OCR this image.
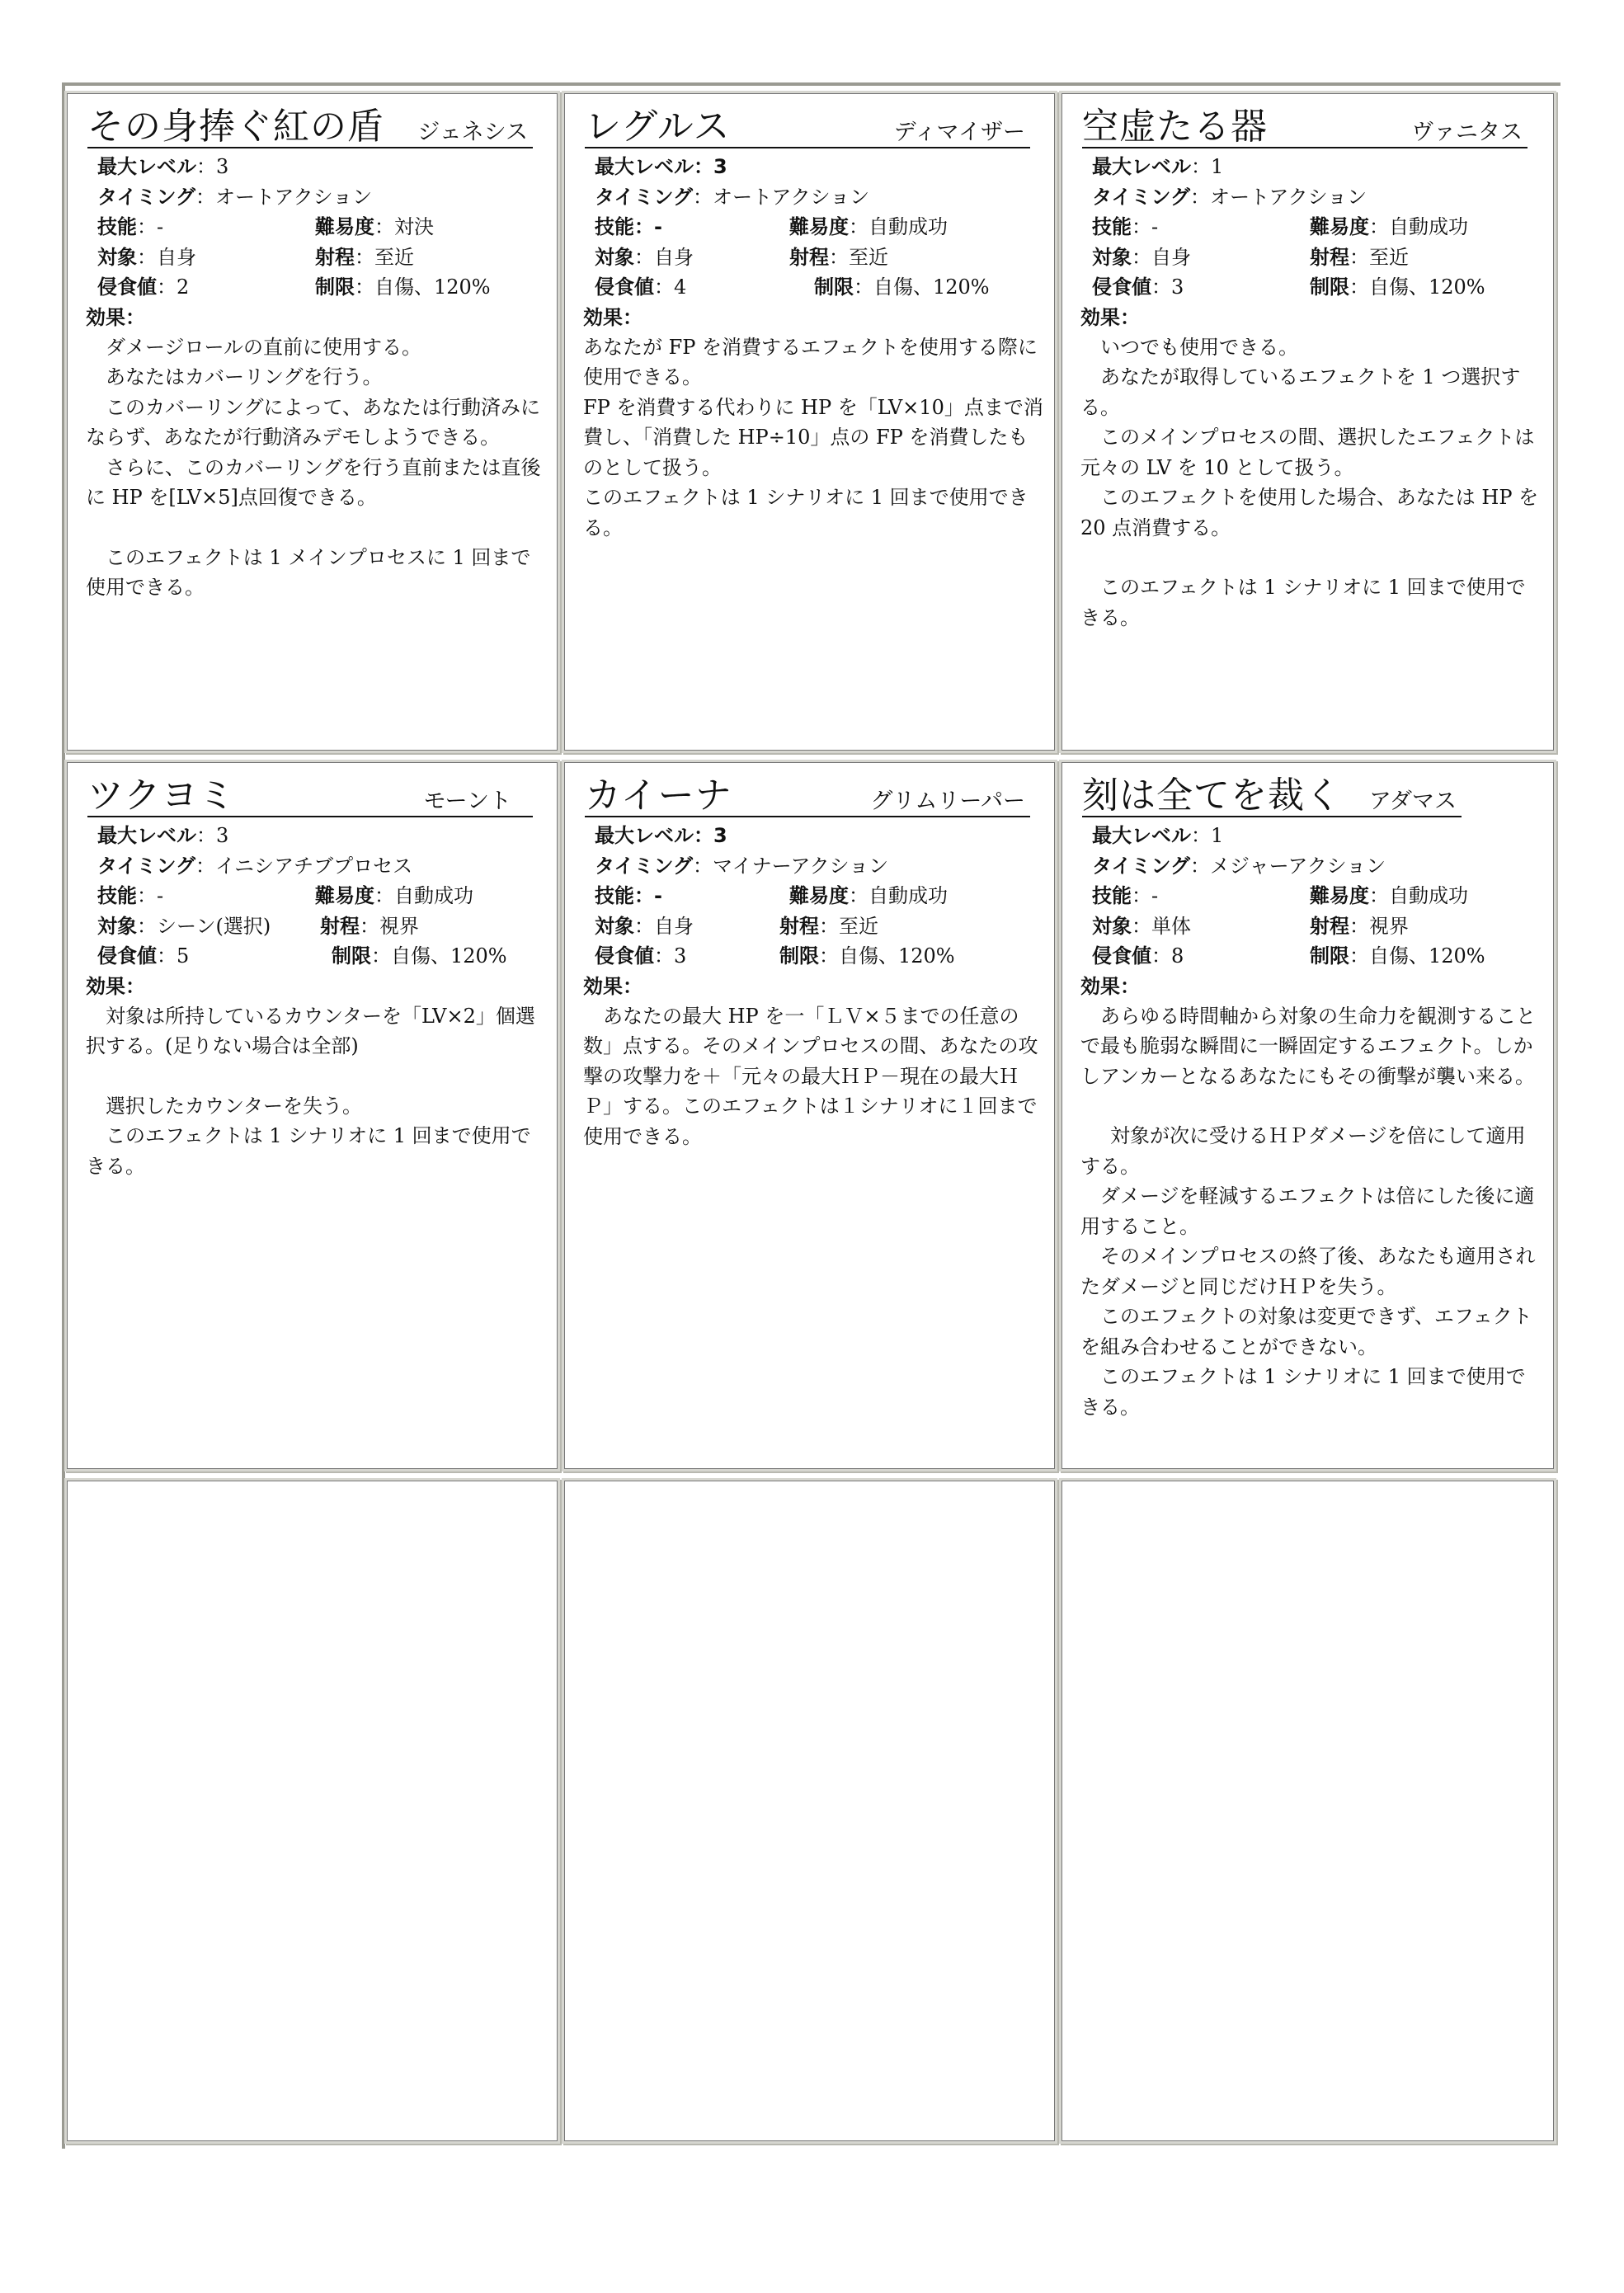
その身捧ぐ紅の盾 ジェネシス
最大レベル：3
タイミング：オートアクション
技能：-	難易度：対決
対象：自身	射程：至近
侵食値：2	制限：自傷、120%
効果：

ダメージロールの直前に使用する。

あなたはカバーリングを行う。

このカバーリングによって、あなたは行動済みにならず、あなたが行動済みデモしようできる。

さらに、このカバーリングを行う直前または直後に HP を[LV×5]点回復できる。

このエフェクトは 1 メインプロセスに 1 回まで使用できる。

レグルス	ディマイザー
最大レベル：3
タイミング：オートアクション
技能：-	難易度：自動成功
対象：自身	射程：至近
侵食値：4	制限：自傷、120%
効果：

あなたが FP を消費するエフェクトを使用する際に使用できる。

FP を消費する代わりに HP を「LV×10」点まで消費し、「消費した HP÷10」点の FP を消費したものとして扱う。

このエフェクトは 1 シナリオに 1 回まで使用できる。

空虚たる器	ヴァニタス
最大レベル：1
タイミング：オートアクション
技能：-	難易度：自動成功
対象：自身	射程：至近
侵食値：3	制限：自傷、120%
効果：

いつでも使用できる。

あなたが取得しているエフェクトを 1 つ選択する。

このメインプロセスの間、選択したエフェクトは元々の LV を 10 として扱う。

このエフェクトを使用した場合、あなたは HP を 20 点消費する。

このエフェクトは 1 シナリオに 1 回まで使用できる。

ツクヨミ	モーント
最大レベル：3
タイミング：イニシアチブプロセス
技能：-	難易度：自動成功
対象：シーン(選択)	射程：視界
侵食値：5	制限：自傷、120%
効果：

対象は所持しているカウンターを「LV×2」個選択する。(足りない場合は全部)

選択したカウンターを失う。

このエフェクトは 1 シナリオに 1 回まで使用できる。

カイーナ	グリムリーパー
最大レベル：3
タイミング：マイナーアクション
技能：-	難易度：自動成功
対象：自身	射程：至近
侵食値：3	制限：自傷、120%
効果：

あなたの最大 HP を一「ＬＶ×５までの任意の数」点する。そのメインプロセスの間、あなたの攻撃の攻撃力を＋「元々の最大ＨＰ－現在の最大ＨＰ」する。このエフェクトは１シナリオに１回まで使用できる。

刻は全てを裁く アダマス
最大レベル：1
タイミング：メジャーアクション
技能：-	難易度：自動成功
対象：単体	射程：視界
侵食値：8	制限：自傷、120%
効果：

あらゆる時間軸から対象の生命力を観測することで最も脆弱な瞬間に一瞬固定するエフェクト。しかしアンカーとなるあなたにもその衝撃が襲い来る。

対象が次に受けるＨＰダメージを倍にして適用する。

ダメージを軽減するエフェクトは倍にした後に適用すること。

そのメインプロセスの終了後、あなたも適用されたダメージと同じだけＨＰを失う。

このエフェクトの対象は変更できず、エフェクトを組み合わせることができない。

このエフェクトは 1 シナリオに 1 回まで使用できる。
